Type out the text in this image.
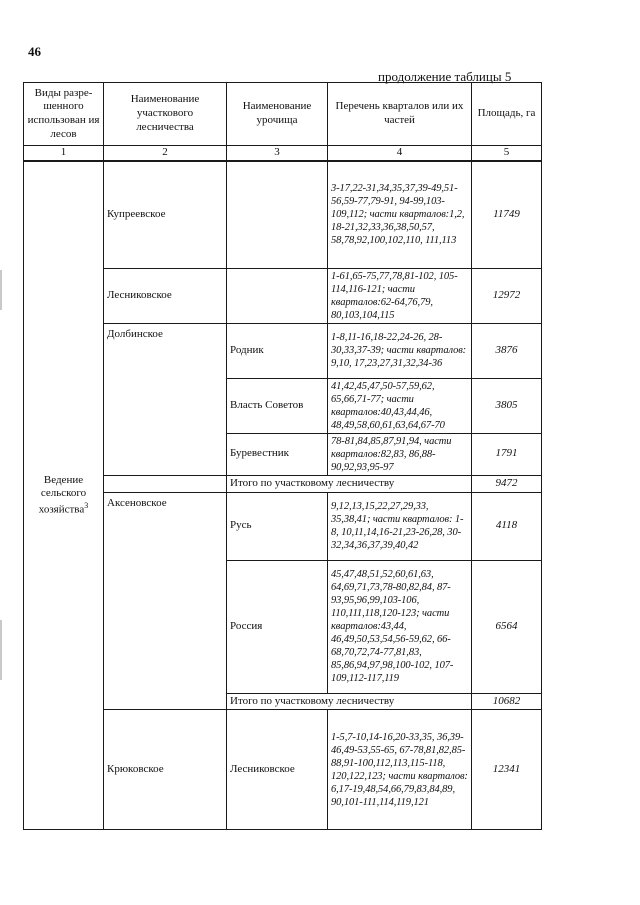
46
продолжение таблицы 5
Виды разре-шенного использован ия лесов	Наименование участкового лесничества	Наименование урочища	Перечень кварталов или их частей	Площадь, га
1	2	3	4	5
Ведение сельского хозяйства$^3$	Купреевское		3-17,22-31,34,35,37,39-49,51-56,59-77,79-91, 94-99,103-109,112; части кварталов:1,2, 18-21,32,33,36,38,50,57, 58,78,92,100,102,110, 111,113	11749
	Лесниковское		1-61,65-75,77,78,81-102, 105-114,116-121; части кварталов:62-64,76,79, 80,103,104,115	12972
	Долбинское	Родник	1-8,11-16,18-22,24-26, 28-30,33,37-39; части кварталов: 9,10, 17,23,27,31,32,34-36	3876
		Власть Советов	41,42,45,47,50-57,59,62, 65,66,71-77; части кварталов:40,43,44,46, 48,49,58,60,61,63,64,67-70	3805
		Буревестник	78-81,84,85,87,91,94, части кварталов:82,83, 86,88-90,92,93,95-97	1791
		Итого по участковому лесничеству		9472
	Аксеновское	Русь	9,12,13,15,22,27,29,33, 35,38,41; части кварталов: 1-8, 10,11,14,16-21,23-26,28, 30-32,34,36,37,39,40,42	4118
		Россия	45,47,48,51,52,60,61,63, 64,69,71,73,78-80,82,84, 87-93,95,96,99,103-106, 110,111,118,120-123; части кварталов:43,44, 46,49,50,53,54,56-59,62, 66-68,70,72,74-77,81,83, 85,86,94,97,98,100-102, 107-109,112-117,119	6564
		Итого по участковому лесничеству		10682
	Крюковское	Лесниковское	1-5,7-10,14-16,20-33,35, 36,39-46,49-53,55-65, 67-78,81,82,85-88,91-100,112,113,115-118, 120,122,123; части кварталов: 6,17-19,48,54,66,79,83,84,89, 90,101-111,114,119,121	12341
